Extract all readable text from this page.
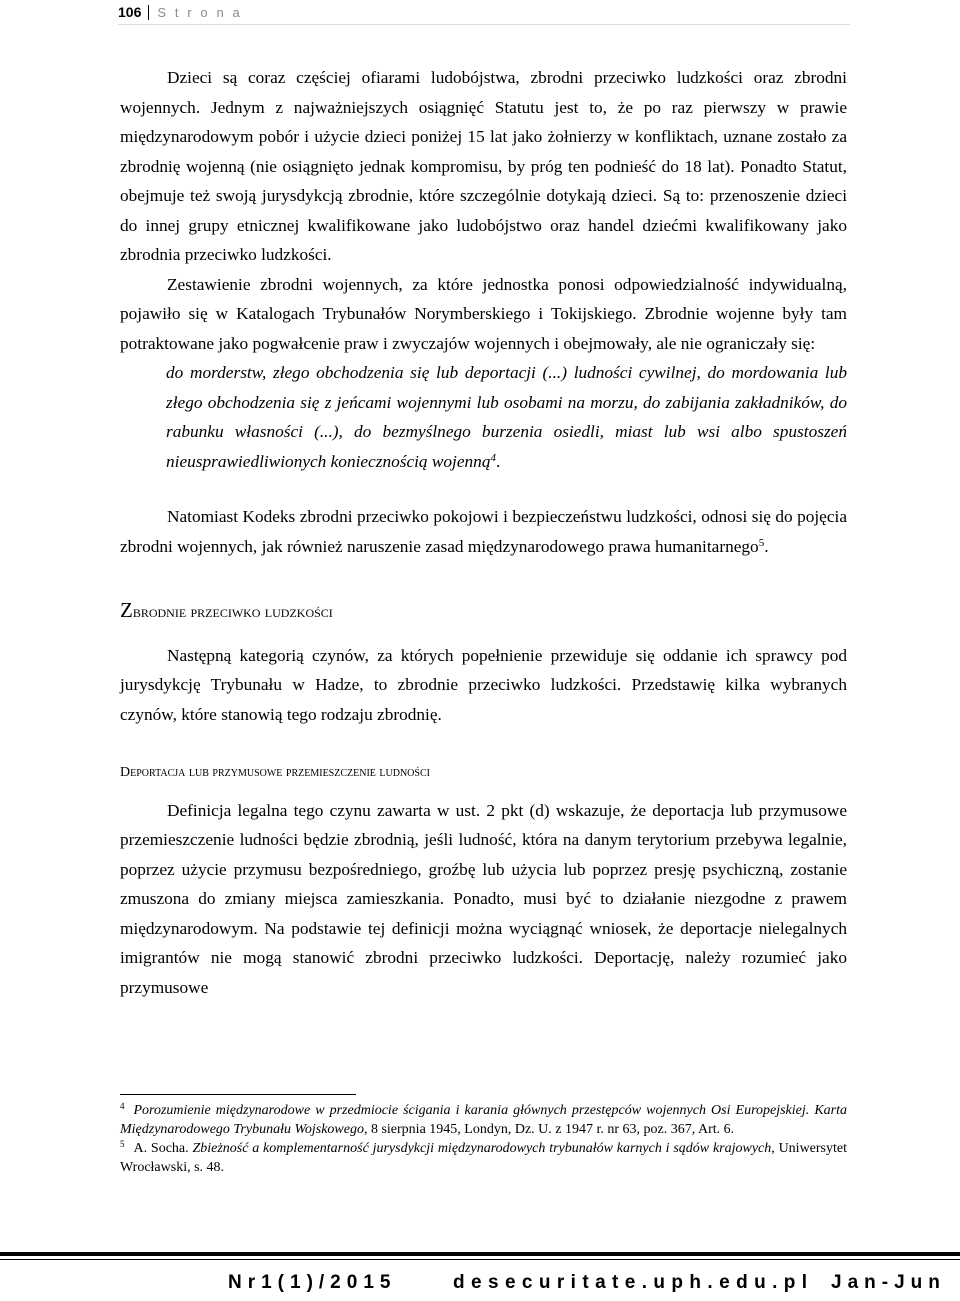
106 S t r o n a

Dzieci są coraz częściej ofiarami ludobójstwa, zbrodni przeciwko ludzkości oraz zbrodni wojennych. Jednym z najważniejszych osiągnięć Statutu jest to, że po raz pierwszy w prawie międzynarodowym pobór i użycie dzieci poniżej 15 lat jako żołnierzy w konfliktach, uznane zostało za zbrodnię wojenną (nie osiągnięto jednak kompromisu, by próg ten podnieść do 18 lat). Ponadto Statut, obejmuje też swoją jurysdykcją zbrodnie, które szczególnie dotykają dzieci. Są to: przenoszenie dzieci do innej grupy etnicznej kwalifikowane jako ludobójstwo oraz handel dziećmi kwalifikowany jako zbrodnia przeciwko ludzkości.

Zestawienie zbrodni wojennych, za które jednostka ponosi odpowiedzialność indywidualną, pojawiło się w Katalogach Trybunałów Norymberskiego i Tokijskiego. Zbrodnie wojenne były tam potraktowane jako pogwałcenie praw i zwyczajów wojennych i obejmowały, ale nie ograniczały się:

do morderstw, złego obchodzenia się lub deportacji (...) ludności cywilnej, do mordowania lub złego obchodzenia się z jeńcami wojennymi lub osobami na morzu, do zabijania zakładników, do rabunku własności (...), do bezmyślnego burzenia osiedli, miast lub wsi albo spustoszeń nieusprawiedliwionych koniecznością wojenną$^4$.

Natomiast Kodeks zbrodni przeciwko pokojowi i bezpieczeństwu ludzkości, odnosi się do pojęcia zbrodni wojennych, jak również naruszenie zasad międzynarodowego prawa humanitarnego$^5$.

Zbrodnie przeciwko ludzkości

Następną kategorią czynów, za których popełnienie przewiduje się oddanie ich sprawcy pod jurysdykcję Trybunału w Hadze, to zbrodnie przeciwko ludzkości. Przedstawię kilka wybranych czynów, które stanowią tego rodzaju zbrodnię.

Deportacja lub przymusowe przemieszczenie ludności

Definicja legalna tego czynu zawarta w ust. 2 pkt (d) wskazuje, że deportacja lub przymusowe przemieszczenie ludności będzie zbrodnią, jeśli ludność, która na danym terytorium przebywa legalnie, poprzez użycie przymusu bezpośredniego, groźbę lub użycia lub poprzez presję psychiczną, zostanie zmuszona do zmiany miejsca zamieszkania. Ponadto, musi być to działanie niezgodne z prawem międzynarodowym. Na podstawie tej definicji można wyciągnąć wniosek, że deportacje nielegalnych imigrantów nie mogą stanowić zbrodni przeciwko ludzkości. Deportację, należy rozumieć jako przymusowe

$^4$ Porozumienie międzynarodowe w przedmiocie ścigania i karania głównych przestępców wojennych Osi Europejskiej. Karta Międzynarodowego Trybunału Wojskowego, 8 sierpnia 1945, Londyn, Dz. U. z 1947 r. nr 63, poz. 367, Art. 6.

$^5$ A. Socha. Zbieżność a komplementarność jurysdykcji międzynarodowych trybunałów karnych i sądów krajowych, Uniwersytet Wrocławski, s. 48.

Nr1(1)/2015	desecuritate.uph.edu.pl Jan-Jun
